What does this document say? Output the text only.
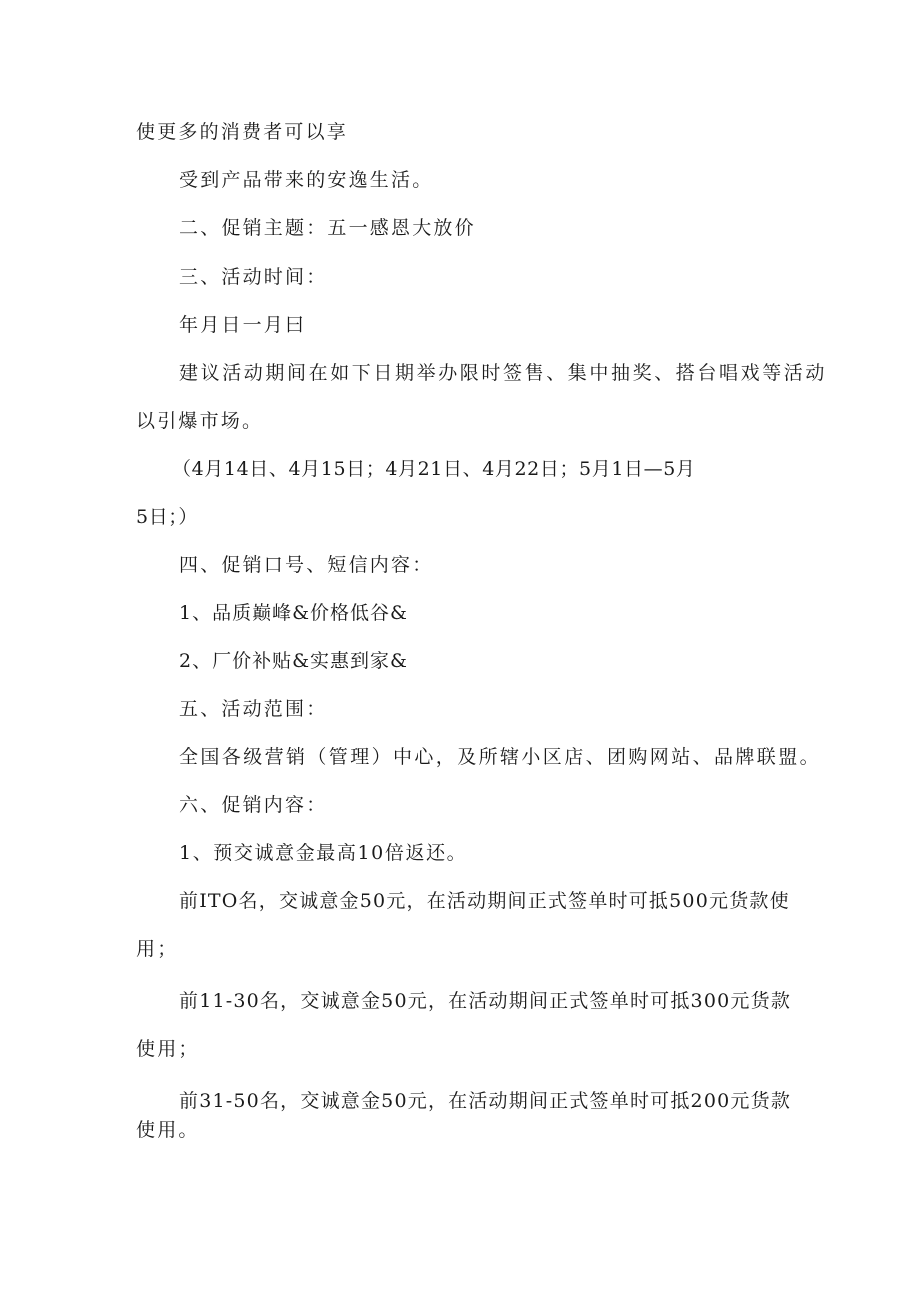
使更多的消费者可以享
受到产品带来的安逸生活。
二、促销主题：五一感恩大放价
三、活动时间：
年月日一月曰
建议活动期间在如下日期举办限时签售、集中抽奖、搭台唱戏等活动
以引爆市场。
（4月14日、4月15日；4月21日、4月22日；5月1日—5月
5日；）
四、促销口号、短信内容：
1、品质巅峰&价格低谷&
2、厂价补贴&实惠到家&
五、活动范围：
全国各级营销（管理）中心，及所辖小区店、团购网站、品牌联盟。
六、促销内容：
1、预交诚意金最高10倍返还。
前ITO名，交诚意金50元，在活动期间正式签单时可抵500元货款使
用；
前11-30名，交诚意金50元，在活动期间正式签单时可抵300元货款
使用；
前31-50名，交诚意金50元，在活动期间正式签单时可抵200元货款
使用。
